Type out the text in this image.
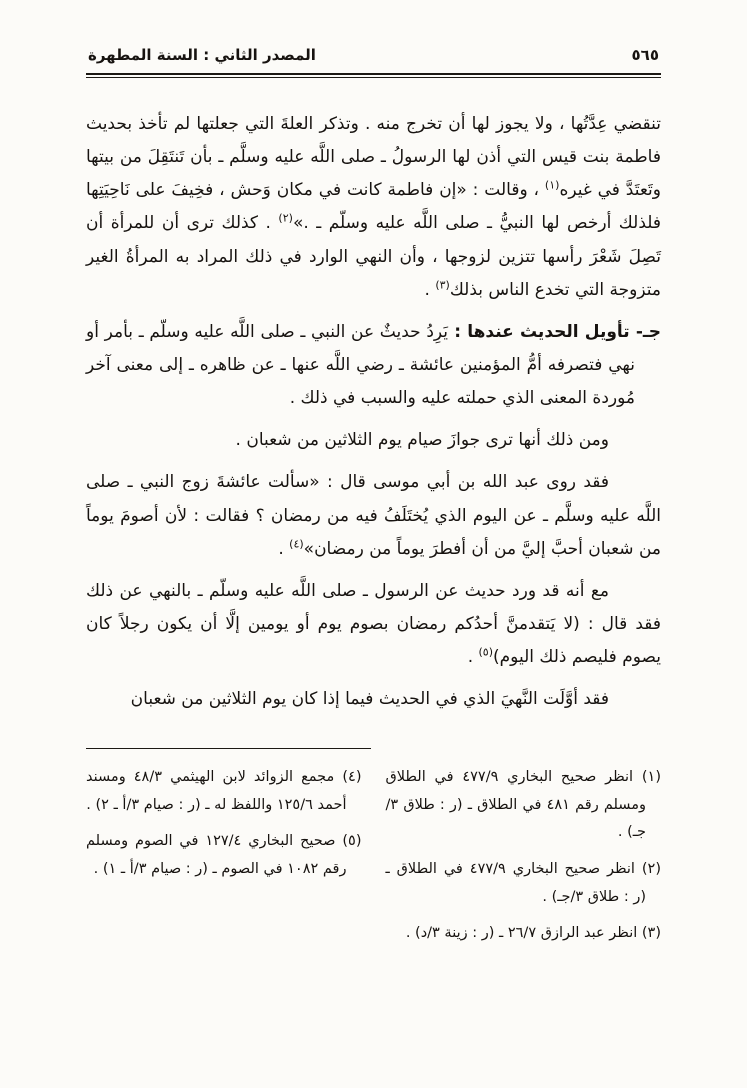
٥٦٥
المصدر الثاني : السنة المطهرة

تنقضي عِدَّتُها ، ولا يجوز لها أن تخرج منه . وتذكر العلةَ التي جعلتها لم تأخذ بحديث فاطمة بنت قيس التي أذن لها الرسولُ ـ صلى اللَّه عليه وسلَّم ـ بأن تَنتَقِلَ من بيتها وتَعتَدَّ في غيره$^{(١)}$ ، وقالت : «إن فاطمة كانت في مكان وَحش ، فخِيفَ على نَاحِيَتِها فلذلك أرخص لها النبيُّ ـ صلى اللَّه عليه وسلّم ـ .»$^{(٢)}$ . كذلك ترى أن للمرأة أن تَصِلَ شَعْرَ رأسها تتزين لزوجها ، وأن النهي الوارد في ذلك المراد به المرأةُ الغير متزوجة التي تخدع الناس بذلك$^{(٣)}$ .

جـ- تأويل الحديث عندها : يَرِدُ حديثٌ عن النبي ـ صلى اللَّه عليه وسلّم ـ بأمر أو نهي فتصرفه أمُّ المؤمنين عائشة ـ رضي اللَّه عنها ـ عن ظاهره ـ إلى معنى آخر مُوردة المعنى الذي حملته عليه والسبب في ذلك .

ومن ذلك أنها ترى جوازَ صيام يوم الثلاثين من شعبان .

فقد روى عبد الله بن أبي موسى قال : «سألت عائشةَ زوج النبي ـ صلى اللَّه عليه وسلَّم ـ عن اليوم الذي يُختَلَفُ فيه من رمضان ؟ فقالت : لأن أصومَ يوماً من شعبان أحبَّ إليَّ من أن أفطرَ يوماً من رمضان»$^{(٤)}$ .

مع أنه قد ورد حديث عن الرسول ـ صلى اللَّه عليه وسلّم ـ بالنهي عن ذلك فقد قال : (لا يَتقدمنَّ أحدُكم رمضان بصوم يوم أو يومين إلَّا أن يكون رجلاً كان يصوم فليصم ذلك اليوم)$^{(٥)}$ .

فقد أوَّلَت النَّهيَ الذي في الحديث فيما إذا كان يوم الثلاثين من شعبان

(١) انظر صحيح البخاري ٤٧٧/٩ في الطلاق ومسلم رقم ٤٨١ في الطلاق ـ (ر : طلاق ٣/جـ) .
(٢) انظر صحيح البخاري ٤٧٧/٩ في الطلاق ـ (ر : طلاق ٣/جـ) .
(٣) انظر عبد الرازق ٢٦/٧ ـ (ر : زينة ٣/د) .
(٤) مجمع الزوائد لابن الهيثمي ٤٨/٣ ومسند أحمد ١٢٥/٦ واللفظ له ـ (ر : صيام ٣/أ ـ ٢) .
(٥) صحيح البخاري ١٢٧/٤ في الصوم ومسلم رقم ١٠٨٢ في الصوم ـ (ر : صيام ٣/أ ـ ١) .
